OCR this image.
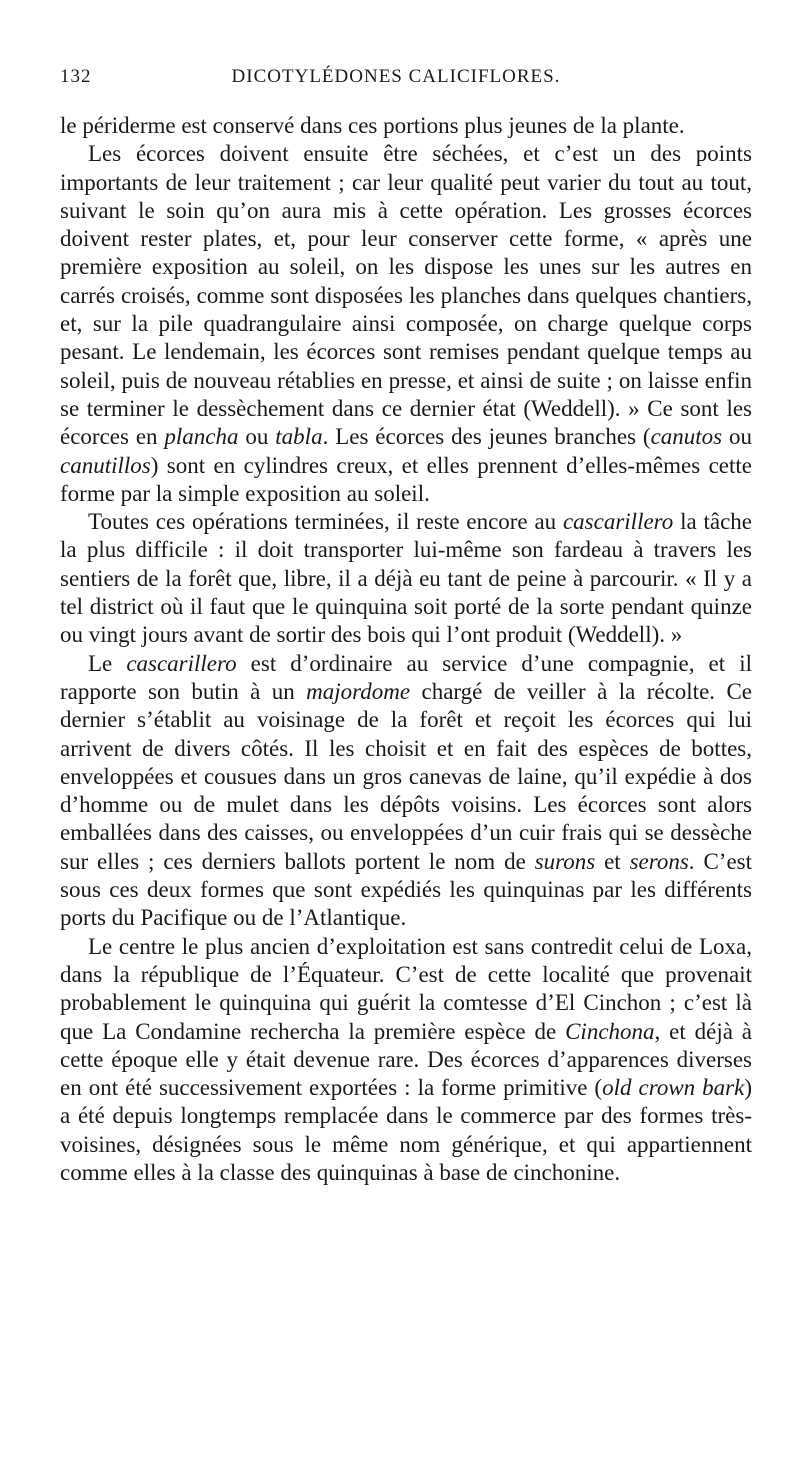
132	DICOTYLÉDONES CALICIFLORES.

le périderme est conservé dans ces portions plus jeunes de la plante.

Les écorces doivent ensuite être séchées, et c’est un des points importants de leur traitement ; car leur qualité peut varier du tout au tout, suivant le soin qu’on aura mis à cette opération. Les grosses écorces doivent rester plates, et, pour leur conserver cette forme, « après une première exposition au soleil, on les dispose les unes sur les autres en carrés croisés, comme sont disposées les planches dans quelques chantiers, et, sur la pile quadrangulaire ainsi composée, on charge quelque corps pesant. Le lendemain, les écorces sont remises pendant quelque temps au soleil, puis de nouveau rétablies en presse, et ainsi de suite ; on laisse enfin se terminer le dessèchement dans ce dernier état (Weddell). » Ce sont les écorces en plancha ou tabla. Les écorces des jeunes branches (canutos ou canutillos) sont en cylindres creux, et elles prennent d’elles-mêmes cette forme par la simple exposition au soleil.

Toutes ces opérations terminées, il reste encore au cascarillero la tâche la plus difficile : il doit transporter lui-même son fardeau à travers les sentiers de la forêt que, libre, il a déjà eu tant de peine à parcourir. « Il y a tel district où il faut que le quinquina soit porté de la sorte pendant quinze ou vingt jours avant de sortir des bois qui l’ont produit (Weddell). »

Le cascarillero est d’ordinaire au service d’une compagnie, et il rapporte son butin à un majordome chargé de veiller à la récolte. Ce dernier s’établit au voisinage de la forêt et reçoit les écorces qui lui arrivent de divers côtés. Il les choisit et en fait des espèces de bottes, enveloppées et cousues dans un gros canevas de laine, qu’il expédie à dos d’homme ou de mulet dans les dépôts voisins. Les écorces sont alors emballées dans des caisses, ou enveloppées d’un cuir frais qui se dessèche sur elles ; ces derniers ballots portent le nom de surons et serons. C’est sous ces deux formes que sont expédiés les quinquinas par les différents ports du Pacifique ou de l’Atlantique.

Le centre le plus ancien d’exploitation est sans contredit celui de Loxa, dans la république de l’Équateur. C’est de cette localité que provenait probablement le quinquina qui guérit la comtesse d’El Cinchon ; c’est là que La Condamine rechercha la première espèce de Cinchona, et déjà à cette époque elle y était devenue rare. Des écorces d’apparences diverses en ont été successivement exportées : la forme primitive (old crown bark) a été depuis longtemps remplacée dans le commerce par des formes très-voisines, désignées sous le même nom générique, et qui appartiennent comme elles à la classe des quinquinas à base de cinchonine.
